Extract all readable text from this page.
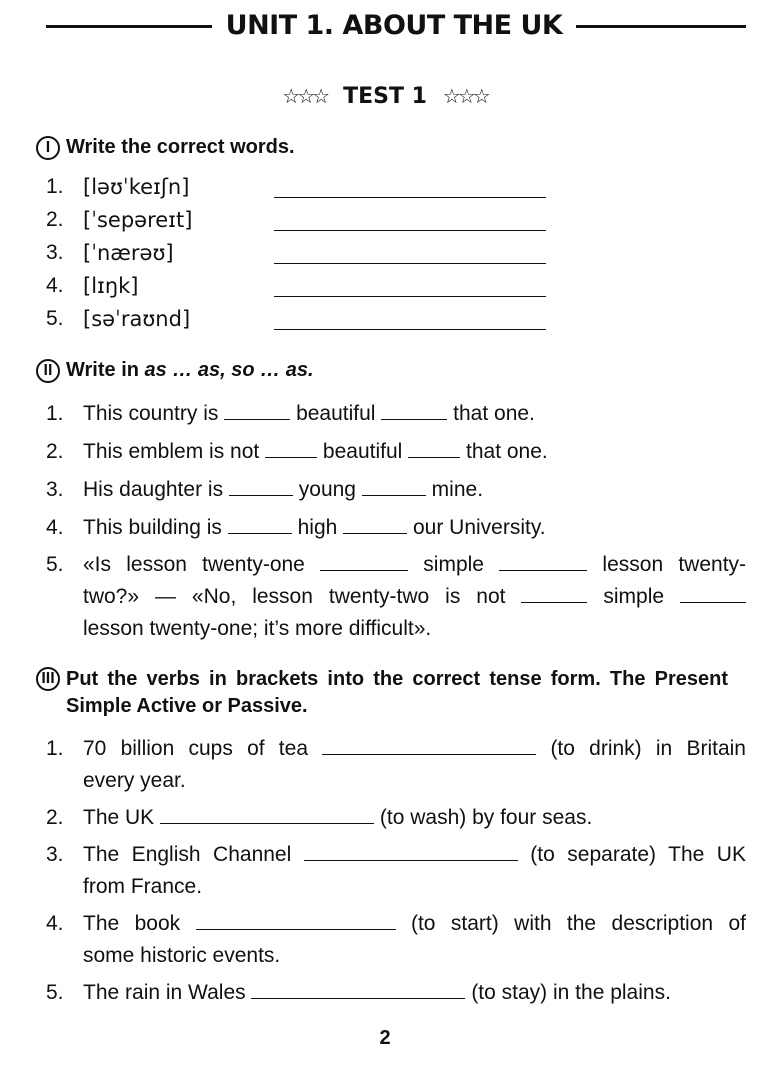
UNIT 1. ABOUT THE UK
☆☆☆ TEST 1 ☆☆☆
I Write the correct words.
1. [ləʊˈkeɪʃn]
2. [ˈsepəreɪt]
3. [ˈnærəʊ]
4. [lɪŋk]
5. [səˈraʊnd]
II Write in as … as, so … as.
1. This country is	beautiful	that one.
2. This emblem is not	beautiful	that one.
3. His daughter is	young	mine.
4. This building is	high	our University.
5. «Is lesson twenty-one	simple	lesson twenty-
two?» — «No, lesson twenty-two is not	simple
lesson twenty-one; it’s more difficult».
III Put the verbs in brackets into the correct tense form. The Present Simple Active or Passive.
1. 70 billion cups of tea	(to drink) in Britain
every year.
2. The UK	(to wash) by four seas.
3. The English Channel	(to separate) The UK
from France.
4. The book	(to start) with the description of
some historic events.
5. The rain in Wales	(to stay) in the plains.
2
